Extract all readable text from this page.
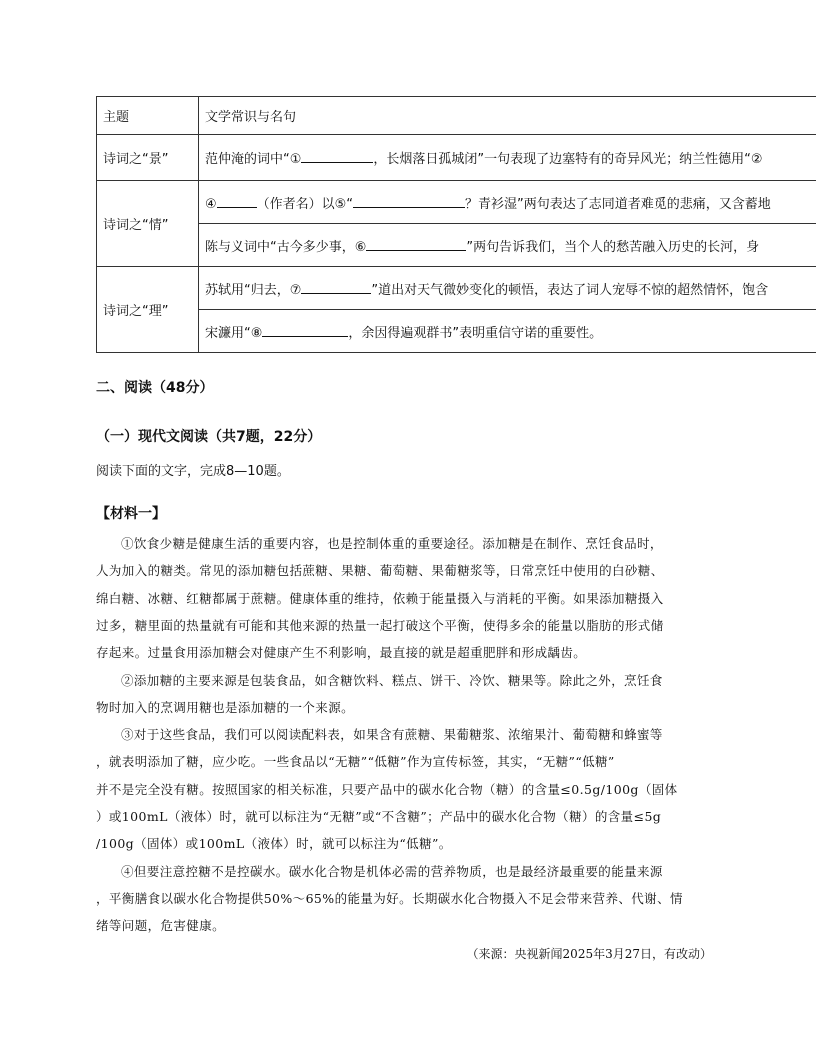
主题	文学常识与名句
诗词之“景”	范仲淹的词中“① ，长烟落日孤城闭”一句表现了边塞特有的奇异风光；纳兰性德用“②
诗词之“情”	④ （作者名）以⑤“ ？青衫湿”两句表达了志同道者难觅的悲痛，又含蓄地
	陈与义词中“古今多少事，⑥ ”两句告诉我们，当个人的愁苦融入历史的长河，身
诗词之“理”	苏轼用“归去，⑦ ”道出对天气微妙变化的顿悟，表达了词人宠辱不惊的超然情怀，饱含
	宋濂用“⑧ ，余因得遍观群书”表明重信守诺的重要性。
二、阅读（48分）
（一）现代文阅读（共7题，22分）
阅读下面的文字，完成8—10题。
【材料一】
①饮食少糖是健康生活的重要内容，也是控制体重的重要途径。添加糖是在制作、烹饪食品时，
人为加入的糖类。常见的添加糖包括蔗糖、果糖、葡萄糖、果葡糖浆等，日常烹饪中使用的白砂糖、
绵白糖、冰糖、红糖都属于蔗糖。健康体重的维持，依赖于能量摄入与消耗的平衡。如果添加糖摄入
过多，糖里面的热量就有可能和其他来源的热量一起打破这个平衡，使得多余的能量以脂肪的形式储
存起来。过量食用添加糖会对健康产生不利影响，最直接的就是超重肥胖和形成龋齿。
②添加糖的主要来源是包装食品，如含糖饮料、糕点、饼干、冷饮、糖果等。除此之外，烹饪食
物时加入的烹调用糖也是添加糖的一个来源。
③对于这些食品，我们可以阅读配料表，如果含有蔗糖、果葡糖浆、浓缩果汁、葡萄糖和蜂蜜等
，就表明添加了糖，应少吃。一些食品以“无糖”“低糖”作为宣传标签，其实，“无糖”“低糖”
并不是完全没有糖。按照国家的相关标准，只要产品中的碳水化合物（糖）的含量≤0.5g/100g（固体
）或100mL（液体）时，就可以标注为“无糖”或“不含糖”；产品中的碳水化合物（糖）的含量≤5g
/100g（固体）或100mL（液体）时，就可以标注为“低糖”。
④但要注意控糖不是控碳水。碳水化合物是机体必需的营养物质，也是最经济最重要的能量来源
，平衡膳食以碳水化合物提供50%～65%的能量为好。长期碳水化合物摄入不足会带来营养、代谢、情
绪等问题，危害健康。
（来源：央视新闻2025年3月27日，有改动）
